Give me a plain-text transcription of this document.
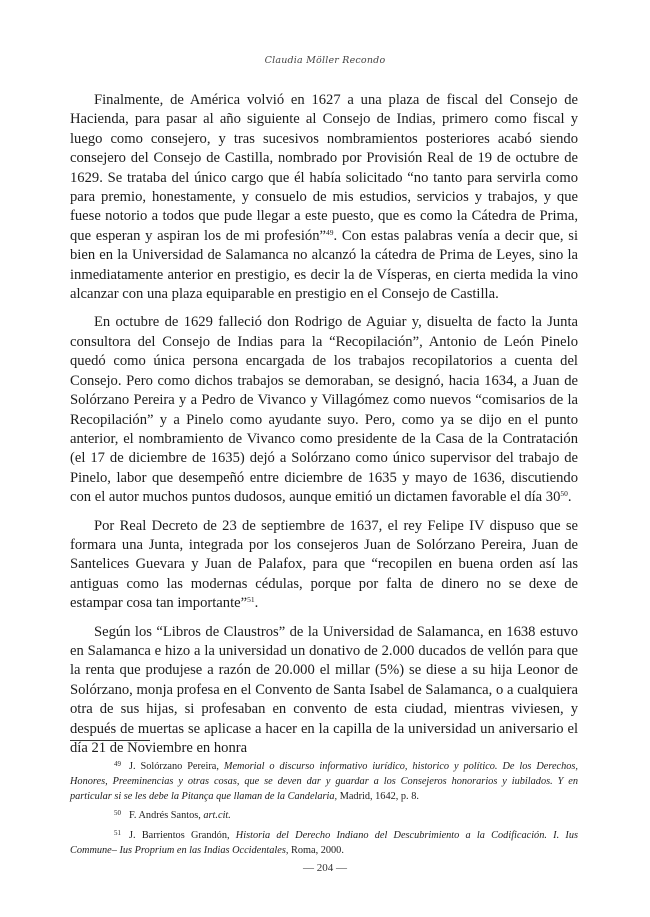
Claudia Möller Recondo

Finalmente, de América volvió en 1627 a una plaza de fiscal del Consejo de Hacienda, para pasar al año siguiente al Consejo de Indias, primero como fiscal y luego como consejero, y tras sucesivos nombramientos posteriores acabó siendo consejero del Consejo de Castilla, nombrado por Provisión Real de 19 de octubre de 1629. Se trataba del único cargo que él había solicitado “no tanto para servirla como para premio, honestamente, y consuelo de mis estudios, servicios y trabajos, y que fuese notorio a todos que pude llegar a este puesto, que es como la Cátedra de Prima, que esperan y aspiran los de mi profesión”$^{49}$. Con estas palabras venía a decir que, si bien en la Universidad de Salamanca no alcanzó la cátedra de Prima de Leyes, sino la inmediatamente anterior en prestigio, es decir la de Vísperas, en cierta medida la vino alcanzar con una plaza equiparable en prestigio en el Consejo de Castilla.

En octubre de 1629 falleció don Rodrigo de Aguiar y, disuelta de facto la Junta consultora del Consejo de Indias para la “Recopilación”, Antonio de León Pinelo quedó como única persona encargada de los trabajos recopilatorios a cuenta del Consejo. Pero como dichos trabajos se demoraban, se designó, hacia 1634, a Juan de Solórzano Pereira y a Pedro de Vivanco y Villagómez como nuevos “comisarios de la Recopilación” y a Pinelo como ayudante suyo. Pero, como ya se dijo en el punto anterior, el nombramiento de Vivanco como presidente de la Casa de la Contratación (el 17 de diciembre de 1635) dejó a Solórzano como único supervisor del trabajo de Pinelo, labor que desempeñó entre diciembre de 1635 y mayo de 1636, discutiendo con el autor muchos puntos dudosos, aunque emitió un dictamen favorable el día $30^{50}$.

Por Real Decreto de 23 de septiembre de 1637, el rey Felipe IV dispuso que se formara una Junta, integrada por los consejeros Juan de Solórzano Pereira, Juan de Santelices Guevara y Juan de Palafox, para que “recopilen en buena orden así las antiguas como las modernas cédulas, porque por falta de dinero no se dexe de estampar cosa tan importante”$^{51}$.

Según los “Libros de Claustros” de la Universidad de Salamanca, en 1638 estuvo en Salamanca e hizo a la universidad un donativo de 2.000 ducados de vellón para que la renta que produjese a razón de 20.000 el millar (5%) se diese a su hija Leonor de Solórzano, monja profesa en el Convento de Santa Isabel de Salamanca, o a cualquiera otra de sus hijas, si profesaban en convento de esta ciudad, mientras viviesen, y después de muertas se aplicase a hacer en la capilla de la universidad un aniversario el día 21 de Noviembre en honra

49 J. Solórzano Pereira, Memorial o discurso informativo iurídico, historico y político. De los Derechos, Honores, Preeminencias y otras cosas, que se deven dar y guardar a los Consejeros honorarios y iubilados. Y en particular si se les debe la Pitança que llaman de la Candelaria, Madrid, 1642, p. 8.
50 F. Andrés Santos, art.cit.
51 J. Barrientos Grandón, Historia del Derecho Indiano del Descubrimiento a la Codificación. I. Ius Commune– Ius Proprium en las Indias Occidentales, Roma, 2000.
— 204 —
